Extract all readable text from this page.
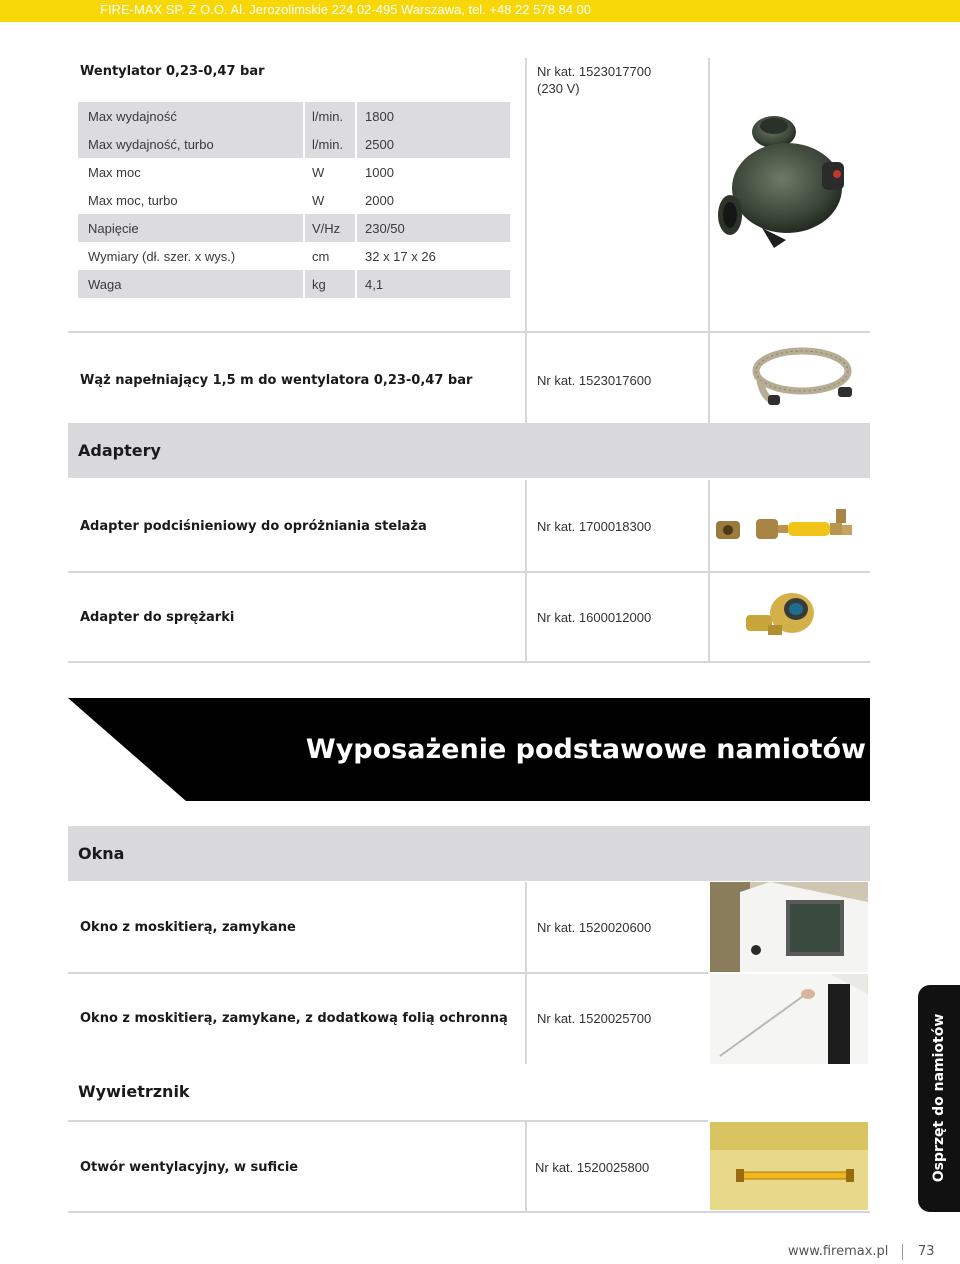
FIRE-MAX SP. Z O.O. Al. Jerozolimskie 224 02-495 Warszawa, tel. +48 22 578 84 00
Wentylator 0,23-0,47 bar	Nr kat. 1523017700
(230 V)
Max wydajność	l/min. 1800
Max wydajność, turbo	l/min. 2500
Max moc	W	1000
Max moc, turbo	W	2000
Napięcie	V/Hz 230/50
Wymiary (dł. szer. x wys.)	cm	32 x 17 x 26
Waga	kg	4,1
Wąż napełniający 1,5 m do wentylatora 0,23-0,47 bar	Nr kat. 1523017600
Adaptery
Adapter podciśnieniowy do opróżniania stelaża	Nr kat. 1700018300
Adapter do sprężarki	Nr kat. 1600012000
Wyposażenie podstawowe namiotów
Okna
Okno z moskitierą, zamykane	Nr kat. 1520020600
Okno z moskitierą, zamykane, z dodatkową folią ochronną Nr kat. 1520025700
Wywietrznik
Otwór wentylacyjny, w suficie	Nr kat. 1520025800	Osprzęt do namiotów
www.firemax.pl 73
